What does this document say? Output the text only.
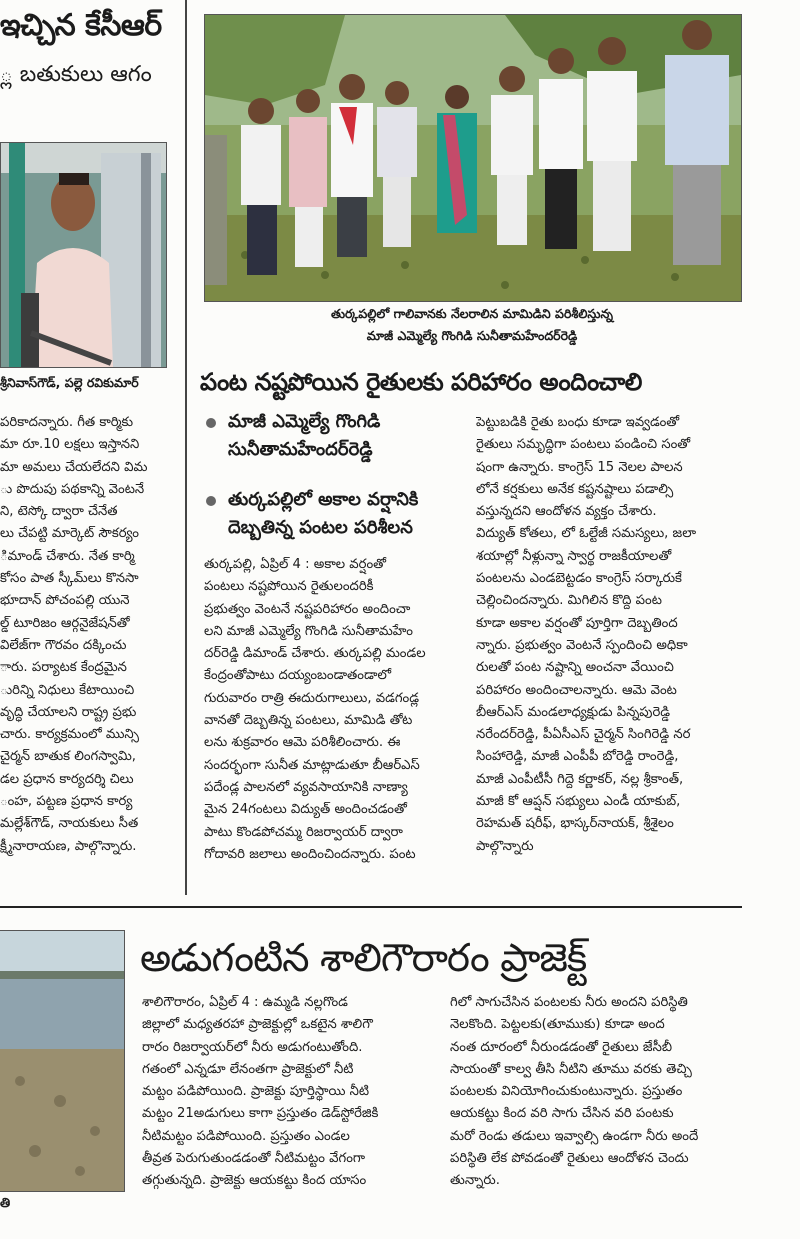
ఇచ్చిన కేసీఆర్
్ల బతుకులు ఆగం
శ్రీనివాస్‌గౌడ్, పల్లె రవికుమార్
పరికాదన్నారు. గీత కార్మికు
మా రూ.10 లక్షలు ఇస్తానని
మా అమలు చేయలేదని విమ
ు పొదుపు పథకాన్ని వెంటనే
ని, టెస్కో ద్వారా చేనేత
లు చేపట్టి మార్కెట్ సౌకర్యం
ిమాండ్ చేశారు. నేత కార్మి
కోసం పాత స్కీమ్‌లు కొనసా
భూదాన్ పోచంపల్లి యునె
ల్డ్ టూరిజం ఆర్గనైజేషన్‌తో
విలేజ్‌గా గౌరవం దక్కించు
ారు. పర్యాటక కేంద్రమైన
ురిన్ని నిధులు కేటాయించి
వృద్ధి చేయాలని రాష్ట్ర ప్రభు
చారు. కార్యక్రమంలో మున్సి
చైర్మన్ బాతుక లింగస్వామి,
డల ప్రధాన కార్యదర్శి చిలు
ంహ, పట్టణ ప్రధాన కార్య
మల్లేశ్‌గౌడ్, నాయకులు సీత
క్ష్మీనారాయణ, పాల్గొన్నారు.
తుర్కపల్లిలో గాలివానకు నేలరాలిన మామిడిని పరిశీలిస్తున్న
మాజీ ఎమ్మెల్యే గొంగిడి సునీతామహేందర్‌రెడ్డి
పంట నష్టపోయిన రైతులకు పరిహారం అందించాలి
మాజీ ఎమ్మెల్యే గొంగిడి
సునీతామహేందర్‌రెడ్డి
తుర్కపల్లిలో అకాల వర్షానికి
దెబ్బతిన్న పంటల పరిశీలన
తుర్కపల్లి, ఏప్రిల్ 4 : అకాల వర్షంతో
పంటలు నష్టపోయిన రైతులందరికీ
ప్రభుత్వం వెంటనే నష్టపరిహారం అందించా
లని మాజీ ఎమ్మెల్యే గొంగిడి సునీతామహేం
దర్‌రెడ్డి డిమాండ్ చేశారు. తుర్కపల్లి మండల
కేంద్రంతోపాటు దయ్యంబండాతండాలో
గురువారం రాత్రి ఈదురుగాలులు, వడగండ్ల
వానతో దెబ్బతిన్న పంటలు, మామిడి తోట
లను శుక్రవారం ఆమె పరిశీలించారు. ఈ
సందర్భంగా సునీత మాట్లాడుతూ బీఆర్‌ఎస్
పదేండ్ల పాలనలో వ్యవసాయానికి నాణ్యా
మైన 24గంటలు విద్యుత్ అందించడంతో
పాటు కొండపోచమ్మ రిజర్వాయర్ ద్వారా
గోదావరి జలాలు అందించిందన్నారు. పంట
పెట్టుబడికి రైతు బంధు కూడా ఇవ్వడంతో
రైతులు సమృద్ధిగా పంటలు పండించి సంతో
షంగా ఉన్నారు. కాంగ్రెస్ 15 నెలల పాలన
లోనే కర్షకులు అనేక కష్టనష్టాలు పడాల్సి
వస్తున్నదని ఆందోళన వ్యక్తం చేశారు.
విద్యుత్ కోతలు, లో ఓల్టేజీ సమస్యలు, జలా
శయాల్లో నీళ్లున్నా స్వార్థ రాజకీయాలతో
పంటలను ఎండబెట్టడం కాంగ్రెస్ సర్కారుకే
చెల్లించిందన్నారు. మిగిలిన కొద్ది పంట
కూడా అకాల వర్షంతో పూర్తిగా దెబ్బతింద
న్నారు. ప్రభుత్వం వెంటనే స్పందించి అధికా
రులతో పంట నష్టాన్ని అంచనా వేయించి
పరిహారం అందించాలన్నారు. ఆమె వెంట
బీఆర్‌ఎస్ మండలాధ్యక్షుడు పిన్నపురెడ్డి
నరేందర్‌రెడ్డి, పీఏసీఎస్ చైర్మన్ సింగిరెడ్డి నర
సింహారెడ్డి, మాజీ ఎంపీపీ బోరెడ్డి రాంరెడ్డి,
మాజీ ఎంపీటీసీ గిద్దె కర్ణాకర్, నల్ల శ్రీకాంత్,
మాజీ కో ఆప్షన్ సభ్యులు ఎండీ యాకుబ్,
రెహమత్ షరీఫ్, భాస్కర్‌నాయక్, శ్రీశైలం
పాల్గొన్నారు
తి
అడుగంటిన శాలిగౌరారం ప్రాజెక్ట్
శాలిగౌరారం, ఏప్రిల్ 4 : ఉమ్మడి నల్లగొండ
జిల్లాలో మధ్యతరహా ప్రాజెక్టుల్లో ఒకటైన శాలిగౌ
రారం రిజర్వాయర్‌లో నీరు అడుగంటుతోంది.
గతంలో ఎన్నడూ లేనంతగా ప్రాజెక్టులో నీటి
మట్టం పడిపోయింది. ప్రాజెక్టు పూర్తిస్థాయి నీటి
మట్టం 21అడుగులు కాగా ప్రస్తుతం డెడ్‌స్టోరేజికి
నీటిమట్టం పడిపోయింది. ప్రస్తుతం ఎండల
తీవ్రత పెరుగుతుండడంతో నీటిమట్టం వేగంగా
తగ్గుతున్నది. ప్రాజెక్టు ఆయకట్టు కింద యాసం
గిలో సాగుచేసిన పంటలకు నీరు అందని పరిస్థితి
నెలకొంది. పెట్టలకు(తూముకు) కూడా అంద
నంత దూరంలో నీరుండడంతో రైతులు జేసీబీ
సాయంతో కాల్వ తీసి నీటిని తూము వరకు తెచ్చి
పంటలకు వినియోగించుకుంటున్నారు. ప్రస్తుతం
ఆయకట్టు కింద వరి సాగు చేసిన వరి పంటకు
మరో రెండు తడులు ఇవ్వాల్సి ఉండగా నీరు అందే
పరిస్థితి లేక పోవడంతో రైతులు ఆందోళన చెందు
తున్నారు.
